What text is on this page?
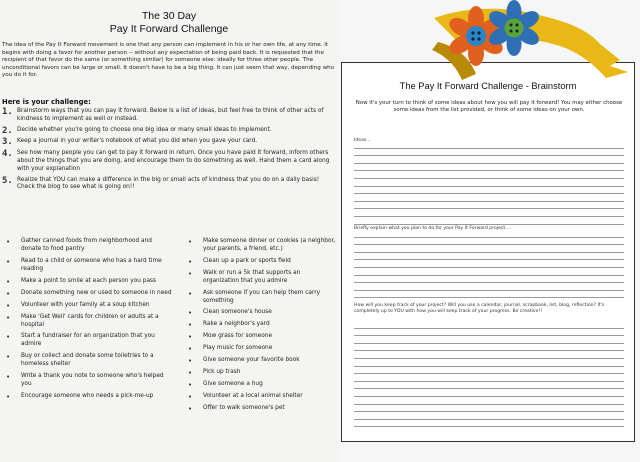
The 30 Day
Pay It Forward Challenge
The idea of the Pay It Forward movement is one that any person can implement in his or her own life, at any time. It begins with doing a favor for another person -- without any expectation of being paid back. It is requested that the recipient of that favor do the same (or something similar) for someone else: ideally for three other people. The unconditional favors can be large or small. It doesn't have to be a big thing. It can just seem that way, depending who you do it for.
Here is your challenge:
1. Brainstorm ways that you can pay it forward. Below is a list of ideas, but feel free to think of other acts of kindness to implement as well or instead.
2. Decide whether you're going to choose one big idea or many small ideas to implement.
3. Keep a journal in your writer's notebook of what you did when you gave your card.
4. See how many people you can get to pay it forward in return. Once you have paid it forward, inform others about the things that you are doing, and encourage them to do something as well. Hand them a card along with your explanation
5. Realize that YOU can make a difference in the big or small acts of kindness that you do on a daily basis! Check the blog to see what is going on!!
•	Gather canned foods from neighborhood and donate to food pantry
•	Read to a child or someone who has a hard time reading
•	Make a point to smile at each person you pass
•	Donate something new or used to someone in need
•	Volunteer with your family at a soup kitchen
•	Make 'Get Well' cards for children or adults at a hospital
•	Start a fundraiser for an organization that you admire
•	Buy or collect and donate some toiletries to a homeless shelter
•	Write a thank you note to someone who's helped you
•	Encourage someone who needs a pick-me-up
•	Make someone dinner or cookies (a neighbor, your parents, a friend, etc.)
•	Clean up a park or sports field
•	Walk or run a 5k that supports an organization that you admire
•	Ask someone if you can help them carry something
•	Clean someone's house
•	Rake a neighbor's yard
•	Mow grass for someone
•	Play music for someone
•	Give someone your favorite book
•	Pick up trash
•	Give someone a hug
•	Volunteer at a local animal shelter
•	Offer to walk someone's pet
The Pay It Forward Challenge - Brainstorm
Now it's your turn to think of some ideas about how you will pay it forward! You may either choose some ideas from the list provided, or think of some ideas on your own.
Ideas...
Briefly explain what you plan to do for your Pay It Forward project....
How will you keep track of your project? Will you use a calendar, journal, scrapbook, list, blog, reflection? It's completely up to YOU with how you will keep track of your progress. Be creative!!
